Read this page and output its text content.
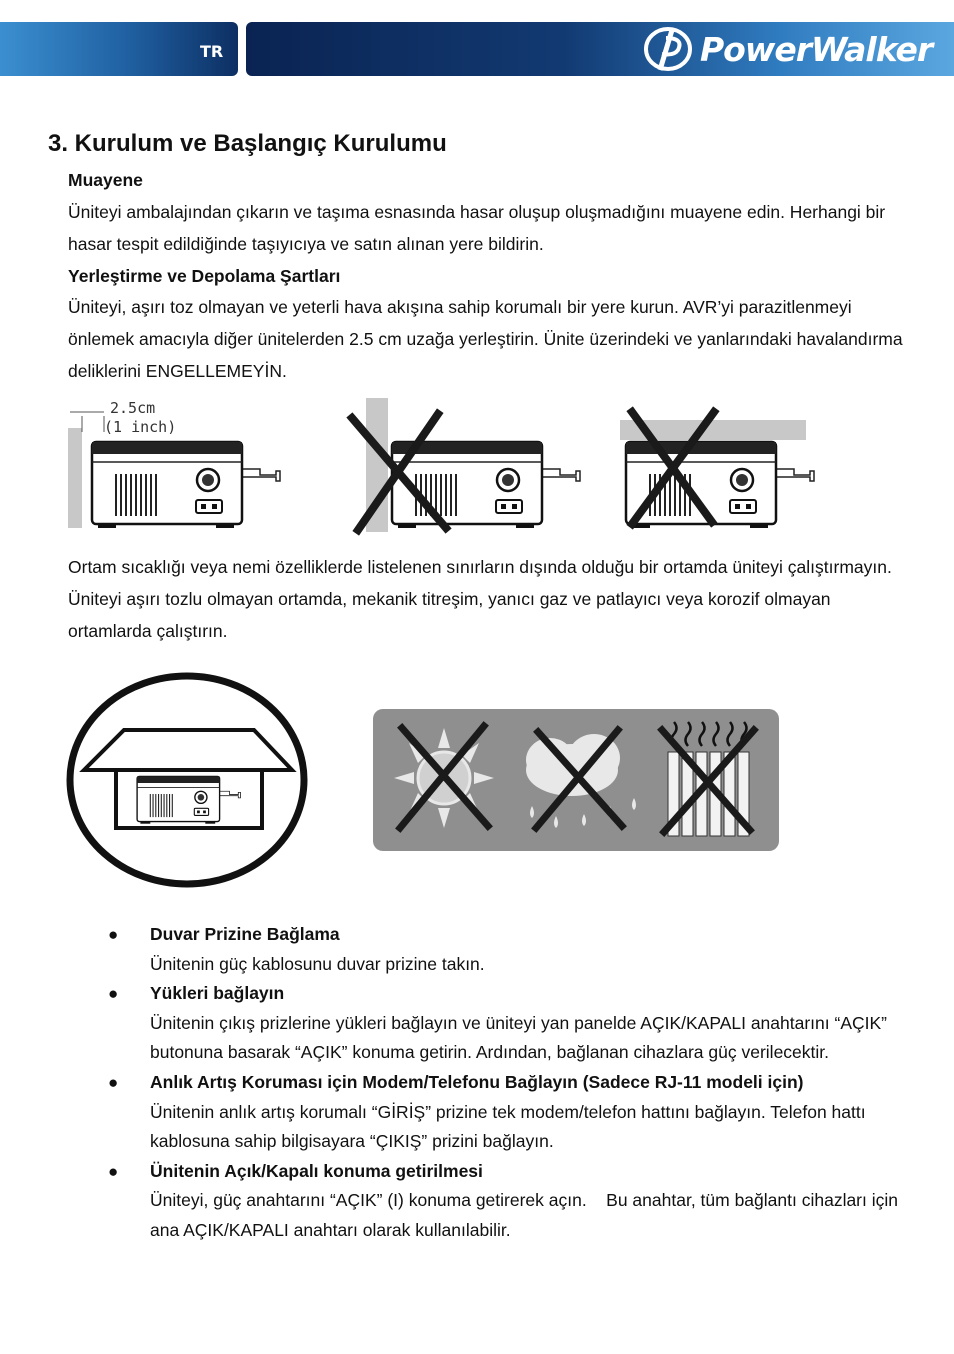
TR	PowerWalker
3. Kurulum ve Başlangıç Kurulumu
Muayene
Üniteyi ambalajından çıkarın ve taşıma esnasında hasar oluşup oluşmadığını muayene edin. Herhangi bir hasar tespit edildiğinde taşıyıcıya ve satın alınan yere bildirin.
Yerleştirme ve Depolama Şartları
Üniteyi, aşırı toz olmayan ve yeterli hava akışına sahip korumalı bir yere kurun. AVR’yi parazitlenmeyi önlemek amacıyla diğer ünitelerden 2.5 cm uzağa yerleştirin. Ünite üzerindeki ve yanlarındaki havalandırma deliklerini ENGELLEMEYİN.
2.5cm
(1 inch)
Ortam sıcaklığı veya nemi özelliklerde listelenen sınırların dışında olduğu bir ortamda üniteyi çalıştırmayın. Üniteyi aşırı tozlu olmayan ortamda, mekanik titreşim, yanıcı gaz ve patlayıcı veya korozif olmayan ortamlarda çalıştırın.
● Duvar Prizine Bağlama
Ünitenin güç kablosunu duvar prizine takın.
● Yükleri bağlayın
Ünitenin çıkış prizlerine yükleri bağlayın ve üniteyi yan panelde AÇIK/KAPALI anahtarını “AÇIK” butonuna basarak “AÇIK” konuma getirin. Ardından, bağlanan cihazlara güç verilecektir.
● Anlık Artış Koruması için Modem/Telefonu Bağlayın (Sadece RJ-11 modeli için)
Ünitenin anlık artış korumalı “GİRİŞ” prizine tek modem/telefon hattını bağlayın. Telefon hattı kablosuna sahip bilgisayara “ÇIKIŞ” prizini bağlayın.
● Ünitenin Açık/Kapalı konuma getirilmesi
Üniteyi, güç anahtarını “AÇIK” (I) konuma getirerek açın.    Bu anahtar, tüm bağlantı cihazları için ana AÇIK/KAPALI anahtarı olarak kullanılabilir.
